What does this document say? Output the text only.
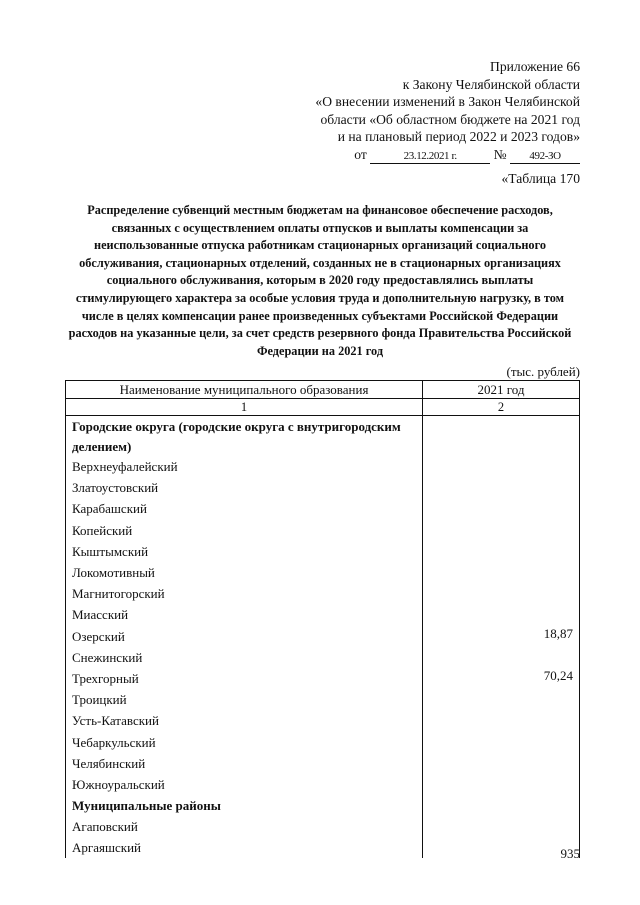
Приложение 66
к Закону Челябинской области
«О внесении изменений в Закон Челябинской
области «Об областном бюджете на 2021 год
и на плановый период 2022 и 2023 годов»
от	23.12.2021 г.	№ 492-ЗО
«Таблица 170
Распределение субвенций местным бюджетам на финансовое обеспечение расходов, связанных с осуществлением оплаты отпусков и выплаты компенсации за неиспользованные отпуска работникам стационарных организаций социального обслуживания, стационарных отделений, созданных не в стационарных организациях социального обслуживания, которым в 2020 году предоставлялись выплаты стимулирующего характера за особые условия труда и дополнительную нагрузку, в том числе в целях компенсации ранее произведенных субъектами Российской Федерации расходов на указанные цели, за счет средств резервного фонда Правительства Российской Федерации на 2021 год
(тыс. рублей)
Наименование муниципального образования	2021 год
1	2
Городские округа (городские округа с внутригородским делением)	
Верхнеуфалейский	
Златоустовский	
Карабашский	
Копейский	
Кыштымский	
Локомотивный	
Магнитогорский	
Миасский	
Озерский	18,87
Снежинский	
Трехгорный	70,24
Троицкий	
Усть-Катавский	
Чебаркульский	
Челябинский	
Южноуральский	
Муниципальные районы	
Агаповский	
Аргаяшский		935
